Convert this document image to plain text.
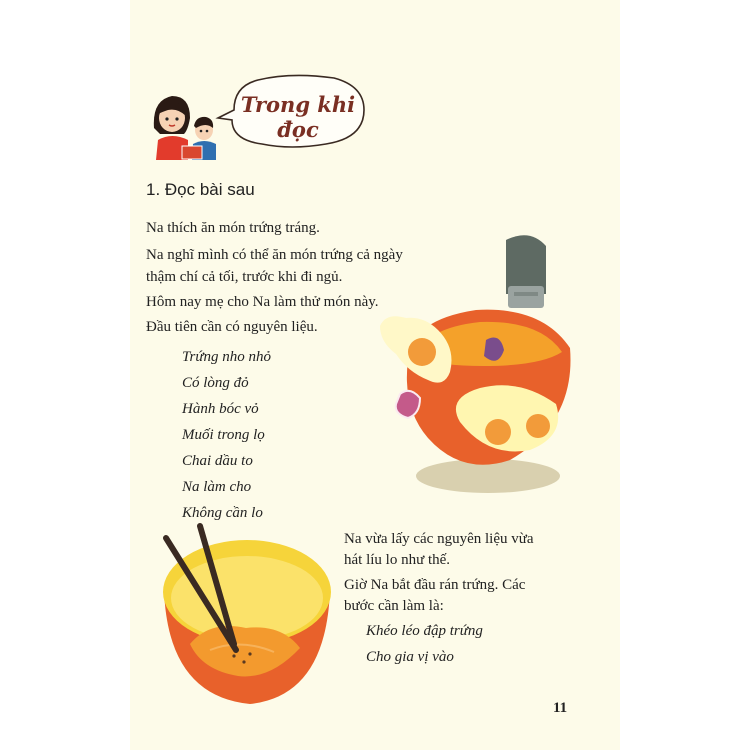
Trong khi đọc
1. Đọc bài sau
Na thích ăn món trứng tráng.
Na nghĩ mình có thể ăn món trứng cả ngày
thậm chí cả tối, trước khi đi ngủ.
Hôm nay mẹ cho Na làm thử món này.
Đầu tiên cần có nguyên liệu.
Trứng nho nhỏ
Có lòng đỏ
Hành bóc vỏ
Muối trong lọ
Chai dầu to
Na làm cho
Không cần lo
Na vừa lấy các nguyên liệu vừa
hát líu lo như thế.
Giờ Na bắt đầu rán trứng. Các
bước cần làm là:
Khéo léo đập trứng
Cho gia vị vào
11
